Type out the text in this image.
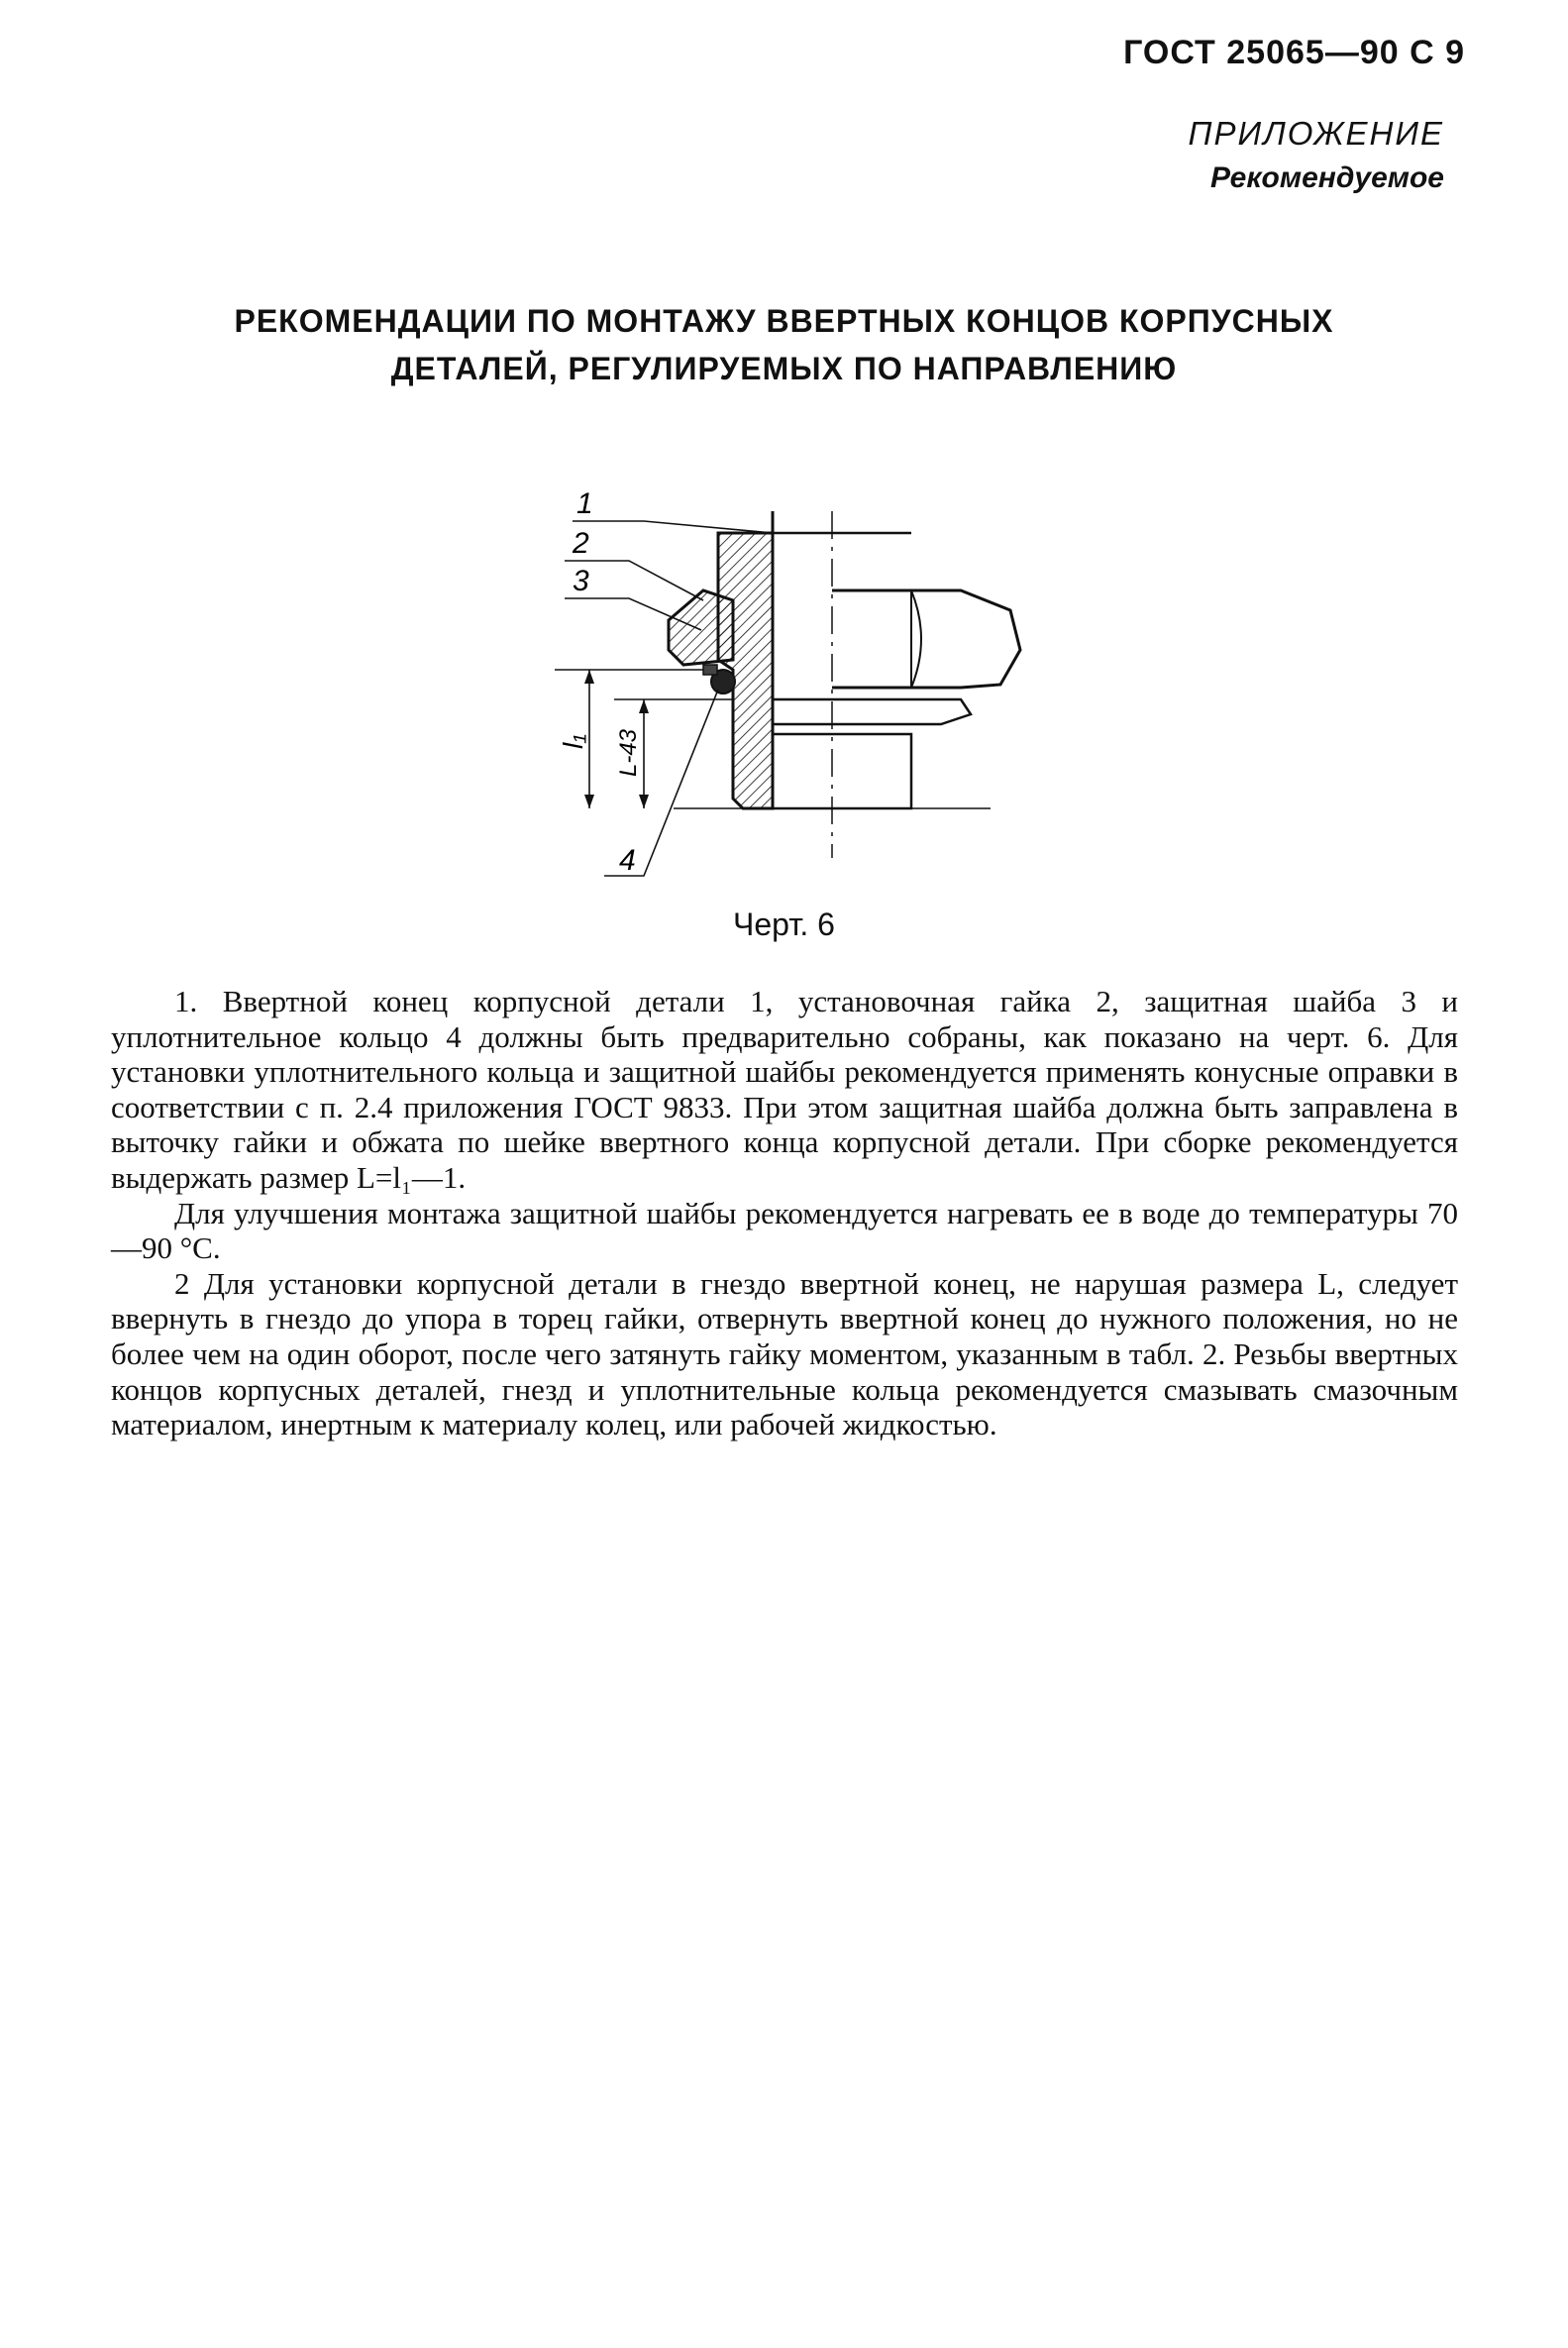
ГОСТ 25065—90 С 9
ПРИЛОЖЕНИЕ
Рекомендуемое
РЕКОМЕНДАЦИИ ПО МОНТАЖУ ВВЕРТНЫХ КОНЦОВ КОРПУСНЫХ
ДЕТАЛЕЙ, РЕГУЛИРУЕМЫХ ПО НАПРАВЛЕНИЮ
1
2
3
4
l₁ L-43
Черт. 6

1. Ввертной конец корпусной детали 1, установочная гайка 2, защитная шайба 3 и уплотнительное кольцо 4 должны быть предварительно собраны, как показано на черт. 6. Для установки уплотнительного кольца и защитной шайбы рекомендуется применять конусные оправки в соответствии с п. 2.4 приложения ГОСТ 9833. При этом защитная шайба должна быть заправлена в выточку гайки и обжата по шейке ввертного конца корпусной детали. При сборке рекомендуется выдержать размер L=l₁—1.

Для улучшения монтажа защитной шайбы рекомендуется нагревать ее в воде до температуры 70—90 °С.

2 Для установки корпусной детали в гнездо ввертной конец, не нарушая размера L, следует ввернуть в гнездо до упора в торец гайки, отвернуть ввертной конец до нужного положения, но не более чем на один оборот, после чего затянуть гайку моментом, указанным в табл. 2. Резьбы ввертных концов корпусных деталей, гнезд и уплотнительные кольца рекомендуется смазывать смазочным материалом, инертным к материалу колец, или рабочей жидкостью.
